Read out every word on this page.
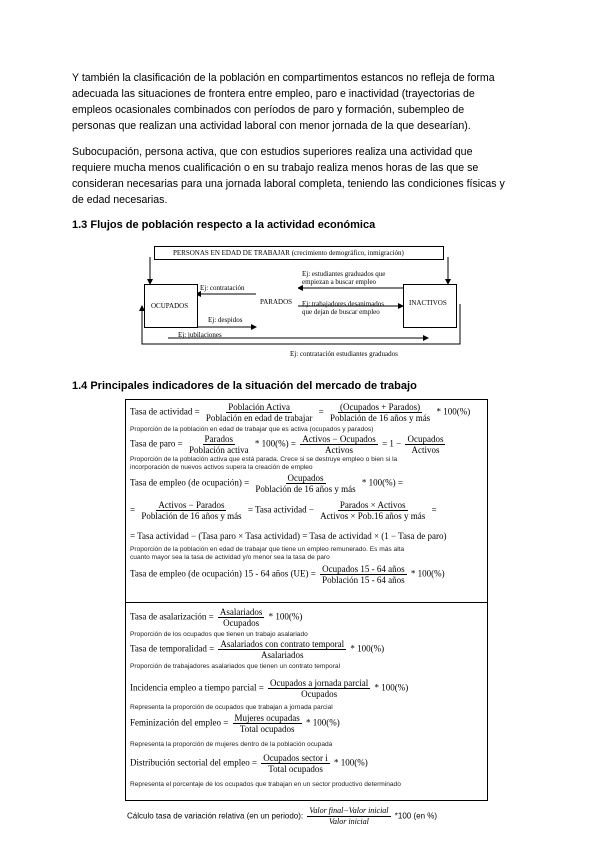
Y también la clasificación de la población en compartimentos estancos no refleja de forma

adecuada las situaciones de frontera entre empleo, paro e inactividad (trayectorias de

empleos ocasionales combinados con períodos de paro y formación, subempleo de

personas que realizan una actividad laboral con menor jornada de la que desearían).

Subocupación, persona activa, que con estudios superiores realiza una actividad que

requiere mucha menos cualificación o en su trabajo realiza menos horas de las que se

consideran necesarias para una jornada laboral completa, teniendo las condiciones físicas y

de edad necesarias.

1.3 Flujos de población respecto a la actividad económica
PERSONAS EN EDAD DE TRABAJAR (crecimiento demográfico, inmigración)
OCUPADOS	PARADOS	INACTIVOS
Ej: contratación
Ej: despidos
Ej: jubilaciones
Ej: estudiantes graduados que
empiezan a buscar empleo
Ej: trabajadores desanimados
que dejan de buscar empleo
Ej: contratación estudiantes graduados
1.4 Principales indicadores de la situación del mercado de trabajo
Tasa de actividad = $\frac{\text{Población Activa}}{\text{Población en edad de trabajar}} = \frac{\text{(Ocupados + Parados)}}{\text{Población de 16 años y más}} * 100(\%)$
Proporción de la población en edad de trabajar que es activa (ocupados y parados)
Tasa de paro = $\frac{\text{Parados}}{\text{Población activa}} * 100(\%) = \frac{\text{Activos − Ocupados}}{\text{Activos}} = 1 - \frac{\text{Ocupados}}{\text{Activos}}$
Proporción de la población activa que está parada. Crece si se destruye empleo o bien si la
incorporación de nuevos activos supera la creación de empleo
Tasa de empleo (de ocupación) = $\frac{\text{Ocupados}}{\text{Población de 16 años y más}} * 100(\%)$ =
= $\frac{\text{Activos − Parados}}{\text{Población de 16 años y más}}$ = Tasa actividad − $\frac{\text{Parados × Activos}}{\text{Activos × Pob.16 años y más}}$ =
= Tasa actividad − (Tasa paro × Tasa actividad) = Tasa de actividad × (1 − Tasa de paro)
Proporción de la población en edad de trabajar que tiene un empleo remunerado. Es más alta
cuanto mayor sea la tasa de actividad y/o menor sea la tasa de paro
Tasa de empleo (de ocupación) 15 - 64 años $(UE) = \frac{\text{Ocupados 15 - 64 años}}{\text{Población 15 - 64 años}} * 100(\%)$
Tasa de asalarización = $\frac{\text{Asalariados}}{\text{Ocupados}} * 100(\%)$
Proporción de los ocupados que tienen un trabajo asalariado
Tasa de temporalidad = $\frac{\text{Asalariados con contrato temporal}}{\text{Asalariados}} * 100(\%)$
Proporción de trabajadores asalariados que tienen un contrato temporal
Incidencia empleo a tiempo parcial = $\frac{\text{Ocupados a jornada parcial}}{\text{Ocupados}} * 100(\%)$
Representa la proporción de ocupados que trabajan a jornada parcial
Feminización del empleo = $\frac{\text{Mujeres ocupadas}}{\text{Total ocupados}} * 100(\%)$
Representa la proporción de mujeres dentro de la población ocupada
Distribución sectorial del empleo = $\frac{\text{Ocupados sector i}}{\text{Total ocupados}} * 100(\%)$
Representa el porcentaje de los ocupados que trabajan en un sector productivo determinado
Cálculo tasa de variación relativa (en un periodo): $\frac{\text{Valor final−Valor inicial}}{\text{Valor inicial}} *100$ (en %)
